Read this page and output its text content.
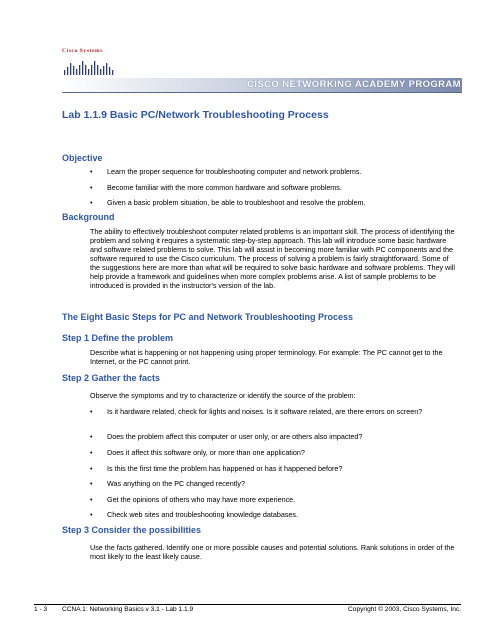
Cisco Systems
CISCO NETWORKING ACADEMY PROGRAM
Lab 1.1.9 Basic PC/Network Troubleshooting Process
Objective
• Learn the proper sequence for troubleshooting computer and network problems.
• Become familiar with the more common hardware and software problems.
• Given a basic problem situation, be able to troubleshoot and resolve the problem.
Background

The ability to effectively troubleshoot computer related problems is an important skill. The process of identifying the problem and solving it requires a systematic step-by-step approach. This lab will introduce some basic hardware and software related problems to solve. This lab will assist in becoming more familiar with PC components and the software required to use the Cisco curriculum. The process of solving a problem is fairly straightforward. Some of the suggestions here are more than what will be required to solve basic hardware and software problems. They will help provide a framework and guidelines when more complex problems arise. A list of sample problems to be introduced is provided in the instructor's version of the lab.

The Eight Basic Steps for PC and Network Troubleshooting Process
Step 1 Define the problem

Describe what is happening or not happening using proper terminology. For example: The PC cannot get to the Internet, or the PC cannot print.

Step 2 Gather the facts

Observe the symptoms and try to characterize or identify the source of the problem:

• Is it hardware related, check for lights and noises. Is it software related, are there errors on screen?
• Does the problem affect this computer or user only, or are others also impacted?
• Does it affect this software only, or more than one application?
• Is this the first time the problem has happened or has it happened before?
• Was anything on the PC changed recently?
• Get the opinions of others who may have more experience.
• Check web sites and troubleshooting knowledge databases.
Step 3 Consider the possibilities

Use the facts gathered. Identify one or more possible causes and potential solutions. Rank solutions in order of the most likely to the least likely cause.

1 - 3 CCNA 1: Networking Basics v 3.1 - Lab 1.1.9	Copyright © 2003, Cisco Systems, Inc.
